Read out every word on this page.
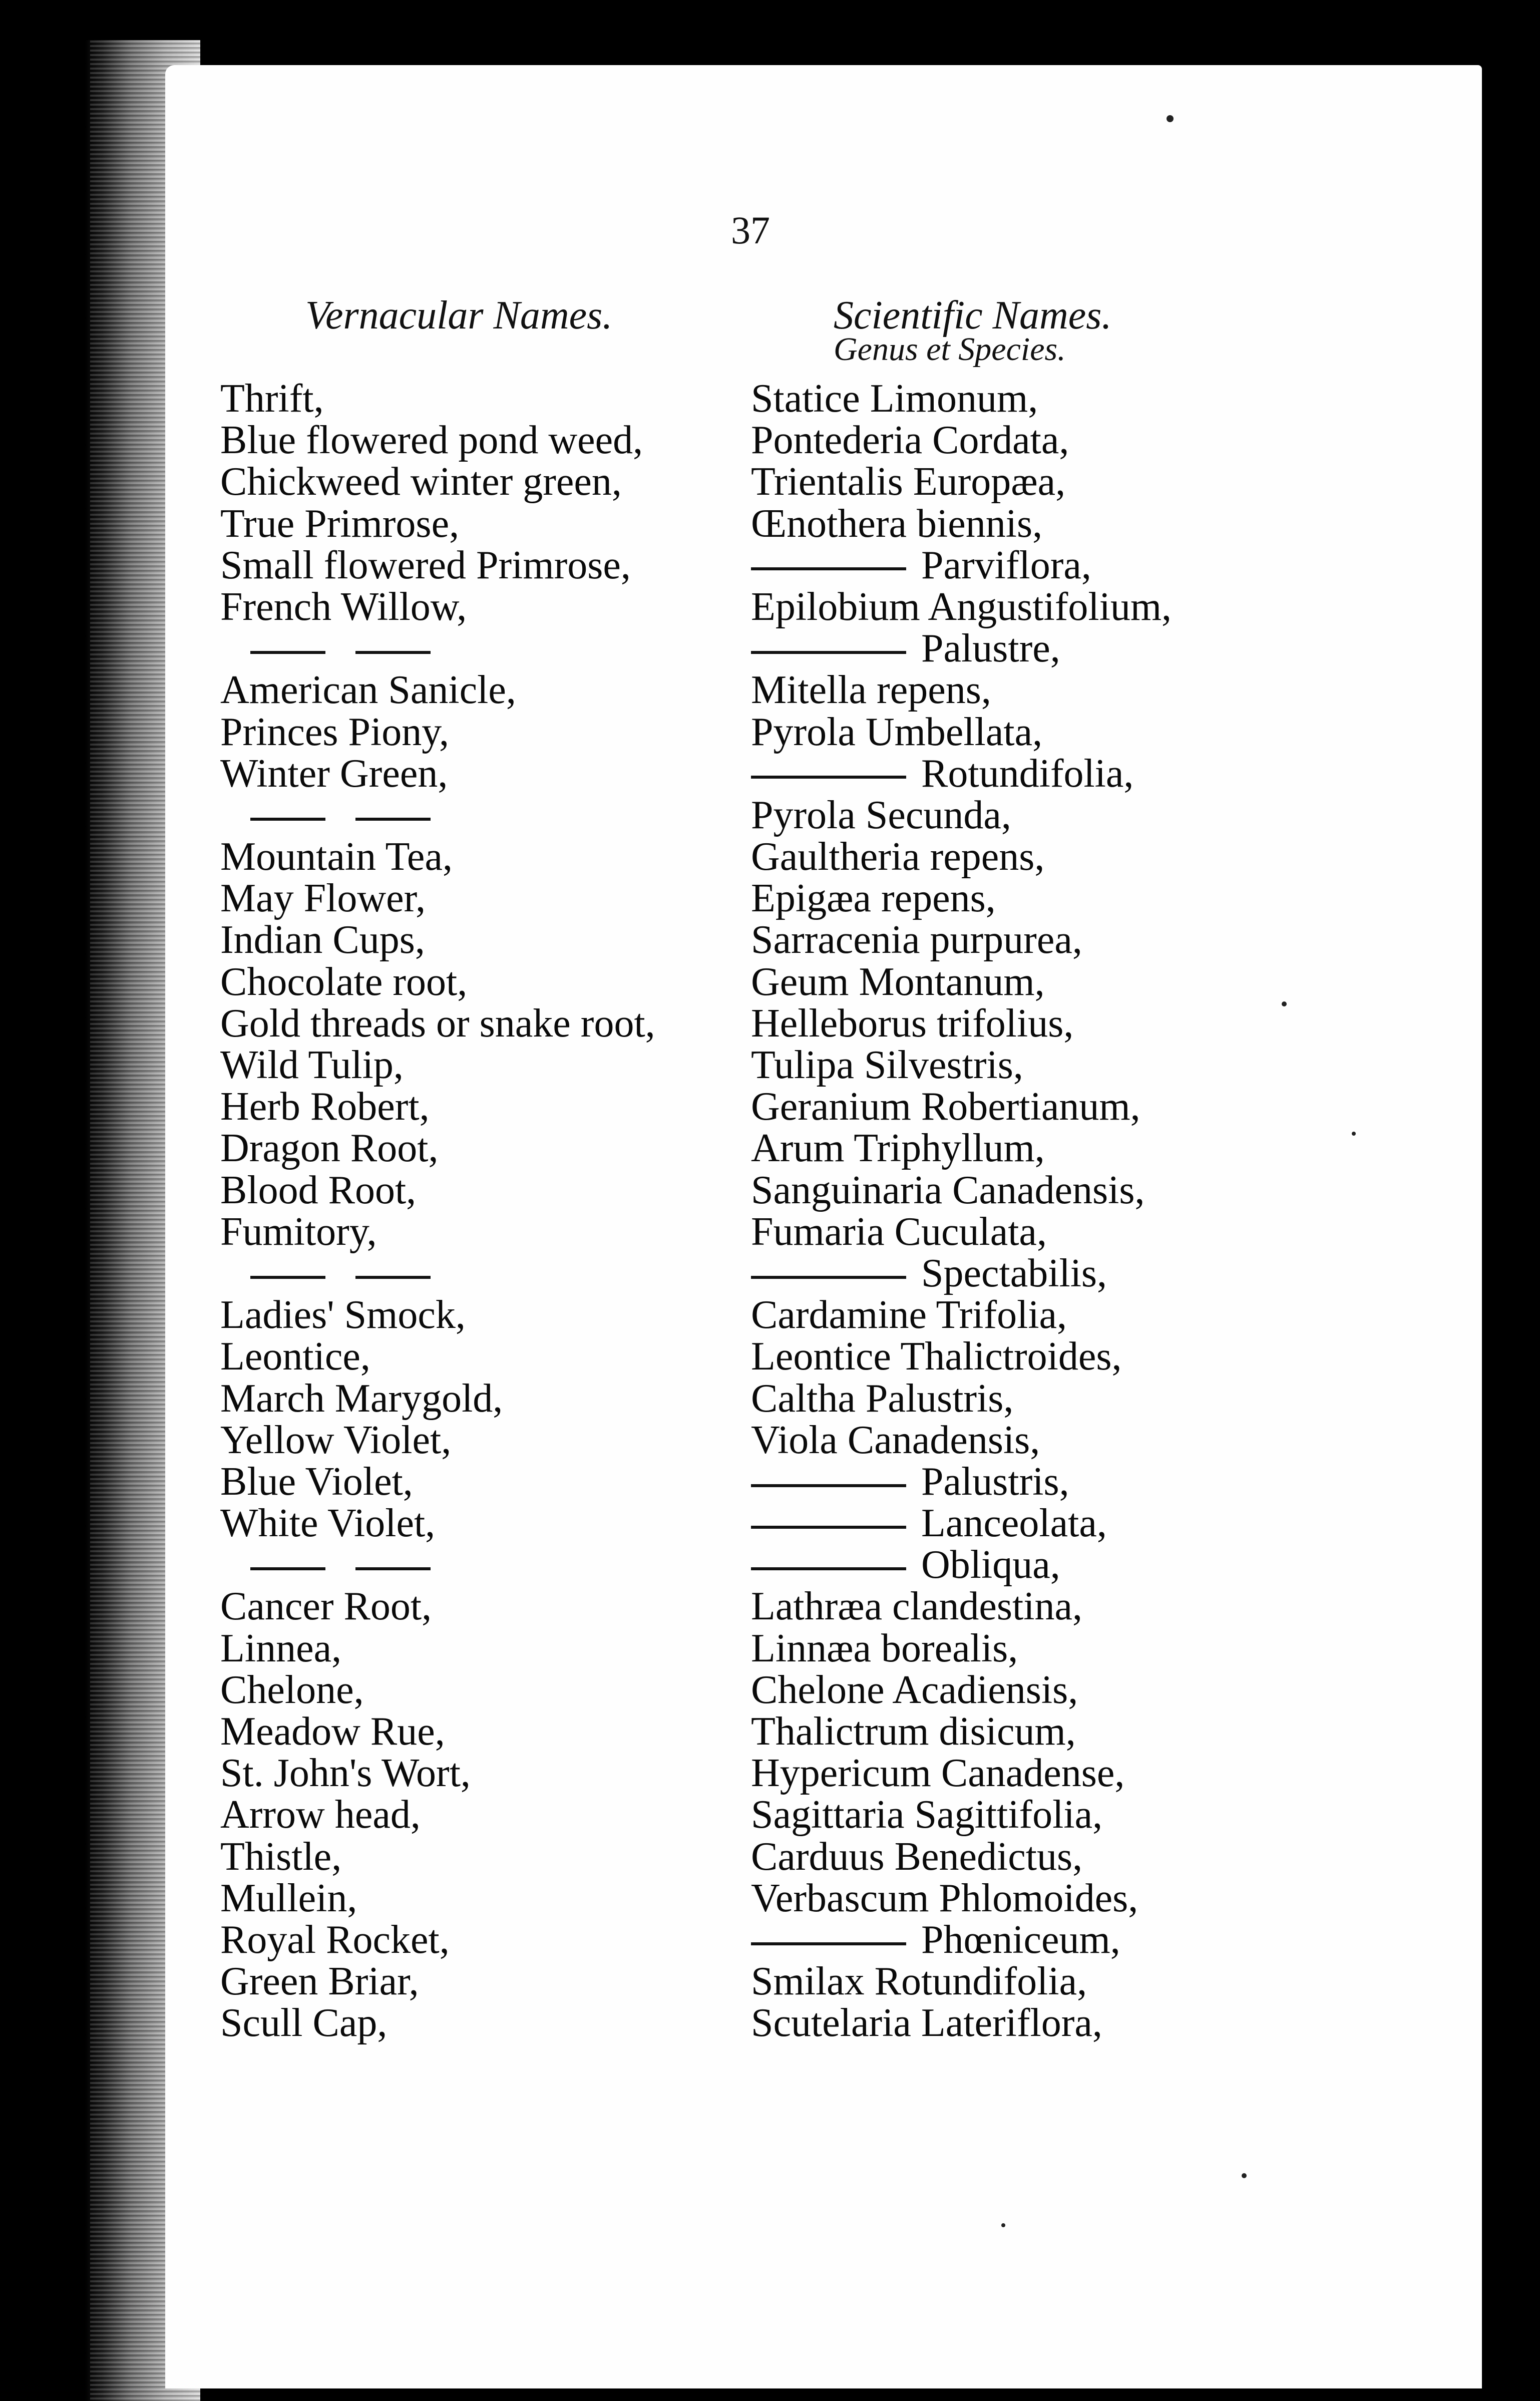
37
Vernacular Names.	Scientific Names.
Genus et Species.
Thrift,
Blue flowered pond weed,
Chickweed winter green,
True Primrose,
Small flowered Primrose,
French Willow,
American Sanicle,
Princes Piony,
Winter Green,
Mountain Tea,
May Flower,
Indian Cups,
Chocolate root,
Gold threads or snake root,
Wild Tulip,
Herb Robert,
Dragon Root,
Blood Root,
Fumitory,
Ladies' Smock,
Leontice,
March Marygold,
Yellow Violet,
Blue Violet,
White Violet,
Cancer Root,
Linnea,
Chelone,
Meadow Rue,
St. John's Wort,
Arrow head,
Thistle,
Mullein,
Royal Rocket,
Green Briar,
Scull Cap,
Statice Limonum,
Pontederia Cordata,
Trientalis Europæa,
Œnothera biennis,
Parviflora,
Epilobium Angustifolium,
Palustre,
Mitella repens,
Pyrola Umbellata,
Rotundifolia,
Pyrola Secunda,
Gaultheria repens,
Epigæa repens,
Sarracenia purpurea,
Geum Montanum,
Helleborus trifolius,
Tulipa Silvestris,
Geranium Robertianum,
Arum Triphyllum,
Sanguinaria Canadensis,
Fumaria Cuculata,
Spectabilis,
Cardamine Trifolia,
Leontice Thalictroides,
Caltha Palustris,
Viola Canadensis,
Palustris,
Lanceolata,
Obliqua,
Lathræa clandestina,
Linnæa borealis,
Chelone Acadiensis,
Thalictrum disicum,
Hypericum Canadense,
Sagittaria Sagittifolia,
Carduus Benedictus,
Verbascum Phlomoides,
Phœniceum,
Smilax Rotundifolia,
Scutelaria Lateriflora,
